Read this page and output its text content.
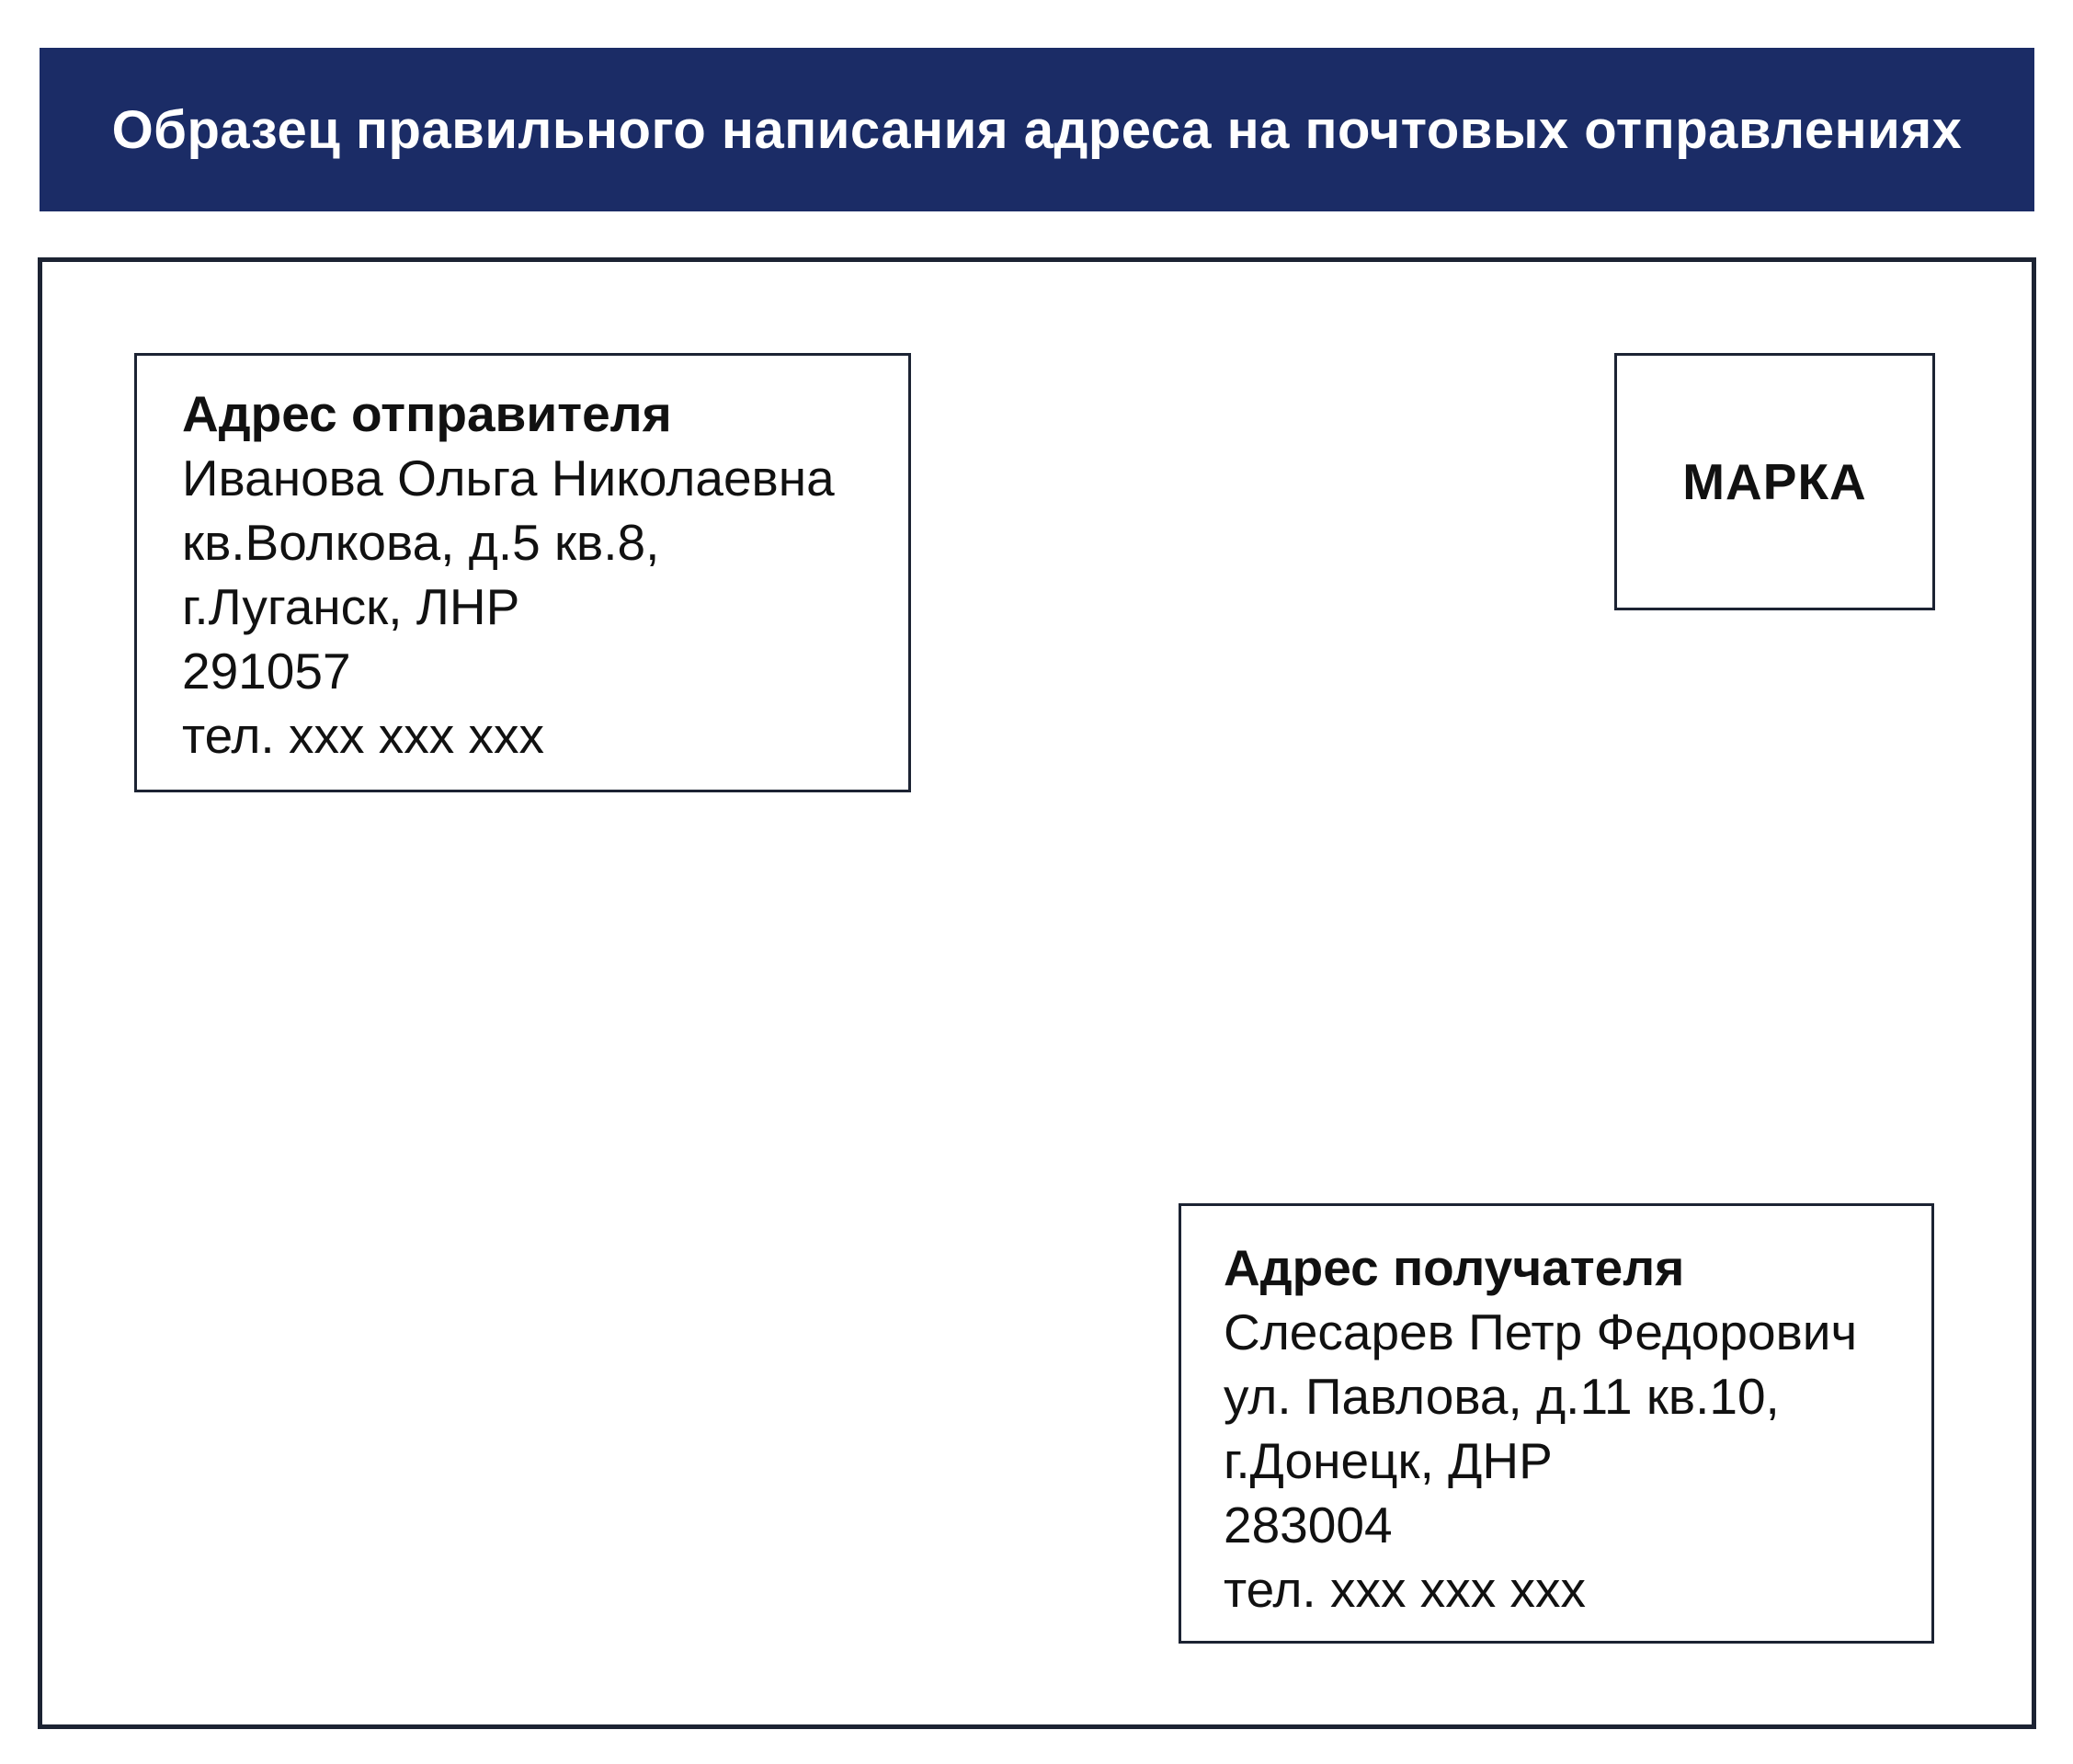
Образец правильного написания адреса на почтовых отправлениях
Адрес отправителя
Иванова Ольга Николаевна
кв.Волкова, д.5 кв.8,
г.Луганск, ЛНР
291057
тел. xxx xxx xxx
МАРКА
Адрес получателя
Слесарев Петр Федорович
ул. Павлова, д.11 кв.10,
г.Донецк, ДНР
283004
тел. xxx xxx xxx
